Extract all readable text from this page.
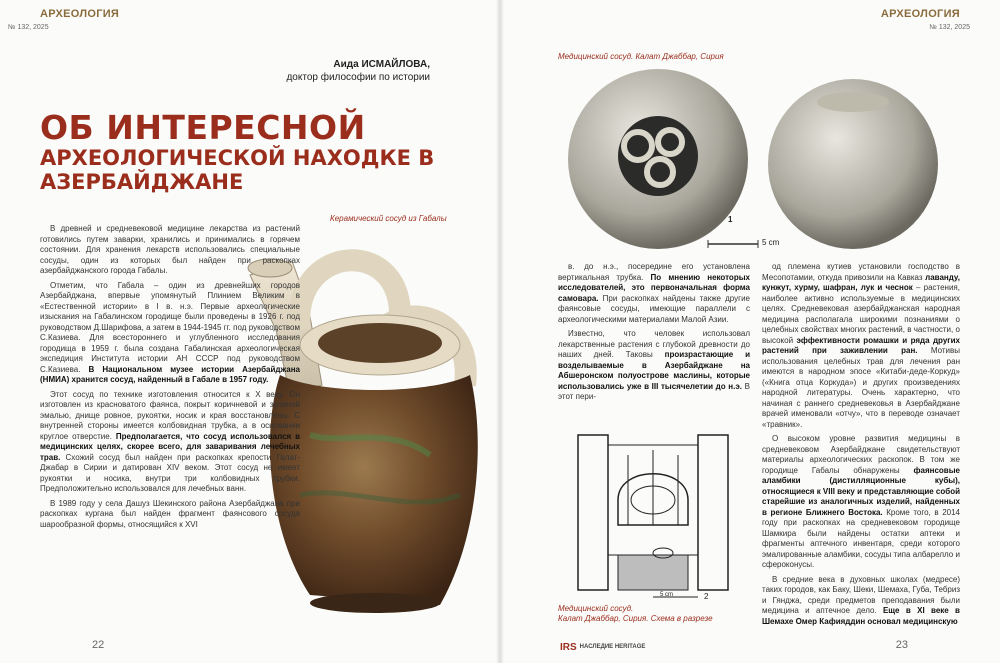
АРХЕОЛОГИЯ
№ 132, 2025
Аида ИСМАЙЛОВА,
доктор философии по истории
ОБ ИНТЕРЕСНОЙ
АРХЕОЛОГИЧЕСКОЙ НАХОДКЕ В АЗЕРБАЙДЖАНЕ
Керамический сосуд из Габалы

В древней и средневековой медицине лекарства из растений готовились путем заварки, хранились и принимались в горячем состоянии. Для хранения лекарств использовались специальные сосуды, один из которых был найден при раскопках азербайджанского города Габалы.

Отметим, что Габала – один из древнейших городов Азербайджана, впервые упомянутый Плинием Великим в «Естественной истории» в I в. н.э. Первые археологические изыскания на Габалинском городище были проведены в 1926 г. под руководством Д.Шарифова, а затем в 1944-1945 гг. под руководством С.Казиева. Для всестороннего и углубленного исследования городища в 1959 г. была создана Габалинская археологическая экспедиция Института истории АН СССР под руководством С.Казиева. В Национальном музее истории Азербайджана (НМИА) хранится сосуд, найденный в Габале в 1957 году.

Этот сосуд по технике изготовления относится к X веку. Он изготовлен из красноватого фаянса, покрыт коричневой и зеленой эмалью, днище ровное, рукоятки, носик и края восстановлены. С внутренней стороны имеется колбовидная трубка, а в основании круглое отверстие. Предполагается, что сосуд использовался в медицинских целях, скорее всего, для заваривания лечебных трав. Схожий сосуд был найден при раскопках крепости Галат-Джабар в Сирии и датирован XIV веком. Этот сосуд не имеет рукоятки и носика, внутри три колбовидных трубки. Предположительно использовался для лечебных ванн.

В 1989 году у села Дашуз Шекинского района Азербайджана при раскопках кургана был найден фрагмент фаянсового сосуда шарообразной формы, относящийся к XVI

22
АРХЕОЛОГИЯ
№ 132, 2025
Медицинский сосуд. Калат Джаббар, Сирия
1
5 cm

в. до н.э., посередине его установлена вертикальная трубка. По мнению некоторых исследователей, это первоначальная форма самовара. При раскопках найдены также другие фаянсовые сосуды, имеющие параллели с археологическими материалами Малой Азии.

Известно, что человек использовал лекарственные растения с глубокой древности до наших дней. Таковы произрастающие и возделываемые в Азербайджане на Абшеронском полуострове маслины, которые использовались уже в III тысячелетии до н.э. В этот пери-

5 cm	2
Медицинский сосуд.
Калат Джаббар, Сирия. Схема в разрезе

од племена кутиев установили господство в Месопотамии, откуда привозили на Кавказ лаванду, кунжут, хурму, шафран, лук и чеснок – растения, наиболее активно используемые в медицинских целях. Средневековая азербайджанская народная медицина располагала широкими познаниями о целебных свойствах многих растений, в частности, о высокой эффективности ромашки и ряда других растений при заживлении ран. Мотивы использования целебных трав для лечения ран имеются в народном эпосе «Китаби-деде-Коркуд» («Книга отца Коркуда») и других произведениях народной литературы. Очень характерно, что начиная с раннего средневековья в Азербайджане врачей именовали «отчу», что в переводе означает «травник».

О высоком уровне развития медицины в средневековом Азербайджане свидетельствуют материалы археологических раскопок. В том же городище Габалы обнаружены фаянсовые аламбики (дистилляционные кубы), относящиеся к VIII веку и представляющие собой старейшие из аналогичных изделий, найденных в регионе Ближнего Востока. Кроме того, в 2014 году при раскопках на средневековом городище Шамкира были найдены остатки аптеки и фрагменты аптечного инвентаря, среди которого эмалированные аламбики, сосуды типа албарелло и сфероконусы.

В средние века в духовных школах (медресе) таких городов, как Баку, Шеки, Шемаха, Губа, Тебриз и Гянджа, среди предметов преподавания были медицина и аптечное дело. Еще в XI веке в Шемахе Омер Кафияддин основал медицинскую

IRS НАСЛЕДИЕ HERITAGE	23
